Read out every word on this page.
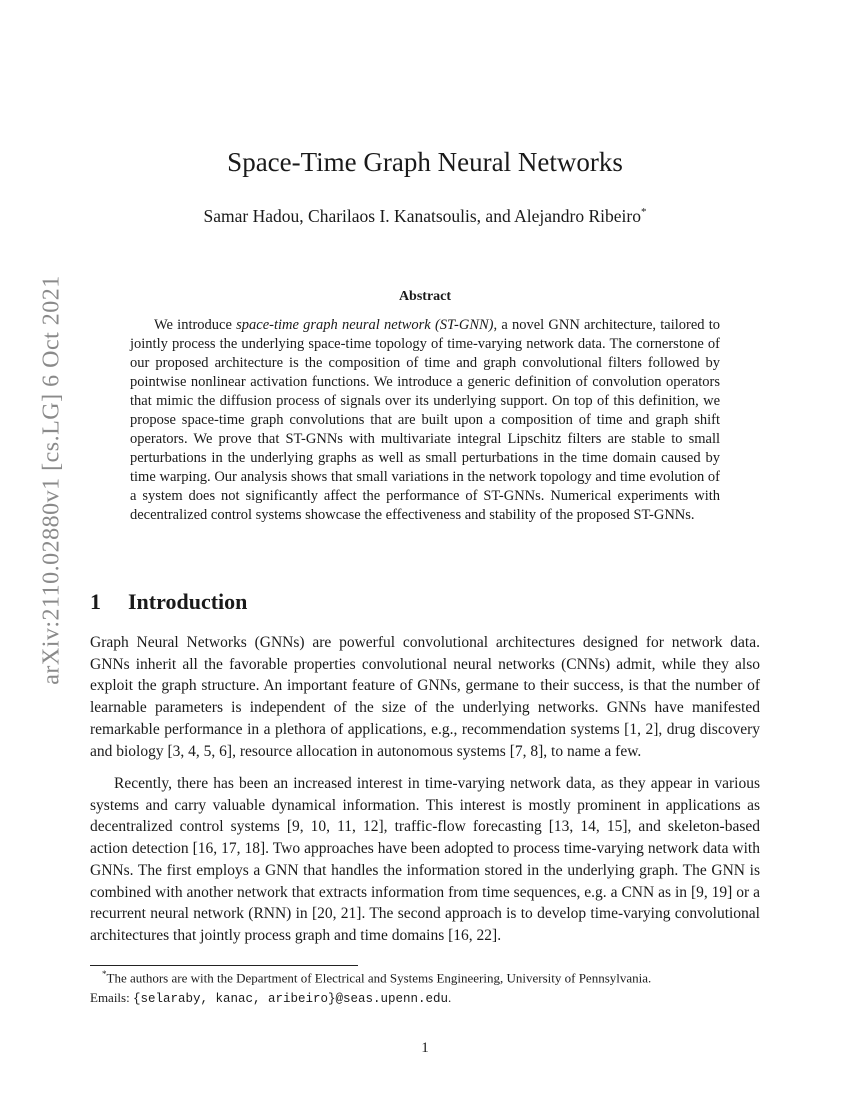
arXiv:2110.02880v1 [cs.LG] 6 Oct 2021
Space-Time Graph Neural Networks
Samar Hadou, Charilaos I. Kanatsoulis, and Alejandro Ribeiro*
Abstract

We introduce space-time graph neural network (ST-GNN), a novel GNN architecture, tailored to jointly process the underlying space-time topology of time-varying network data. The cornerstone of our proposed architecture is the composition of time and graph convolutional filters followed by pointwise nonlinear activation functions. We introduce a generic definition of convolution operators that mimic the diffusion process of signals over its underlying support. On top of this definition, we propose space-time graph convolutions that are built upon a composition of time and graph shift operators. We prove that ST-GNNs with multivariate integral Lipschitz filters are stable to small perturbations in the underlying graphs as well as small perturbations in the time domain caused by time warping. Our analysis shows that small variations in the network topology and time evolution of a system does not significantly affect the performance of ST-GNNs. Numerical experiments with decentralized control systems showcase the effectiveness and stability of the proposed ST-GNNs.

1 Introduction

Graph Neural Networks (GNNs) are powerful convolutional architectures designed for network data. GNNs inherit all the favorable properties convolutional neural networks (CNNs) admit, while they also exploit the graph structure. An important feature of GNNs, germane to their success, is that the number of learnable parameters is independent of the size of the underlying networks. GNNs have manifested remarkable performance in a plethora of applications, e.g., recommendation systems [1, 2], drug discovery and biology [3, 4, 5, 6], resource allocation in autonomous systems [7, 8], to name a few.

Recently, there has been an increased interest in time-varying network data, as they appear in various systems and carry valuable dynamical information. This interest is mostly prominent in applications as decentralized control systems [9, 10, 11, 12], traffic-flow forecasting [13, 14, 15], and skeleton-based action detection [16, 17, 18]. Two approaches have been adopted to process time-varying network data with GNNs. The first employs a GNN that handles the information stored in the underlying graph. The GNN is combined with another network that extracts information from time sequences, e.g. a CNN as in [9, 19] or a recurrent neural network (RNN) in [20, 21]. The second approach is to develop time-varying convolutional architectures that jointly process graph and time domains [16, 22].

*The authors are with the Department of Electrical and Systems Engineering, University of Pennsylvania.
Emails: {selaraby, kanac, aribeiro}@seas.upenn.edu.

1
